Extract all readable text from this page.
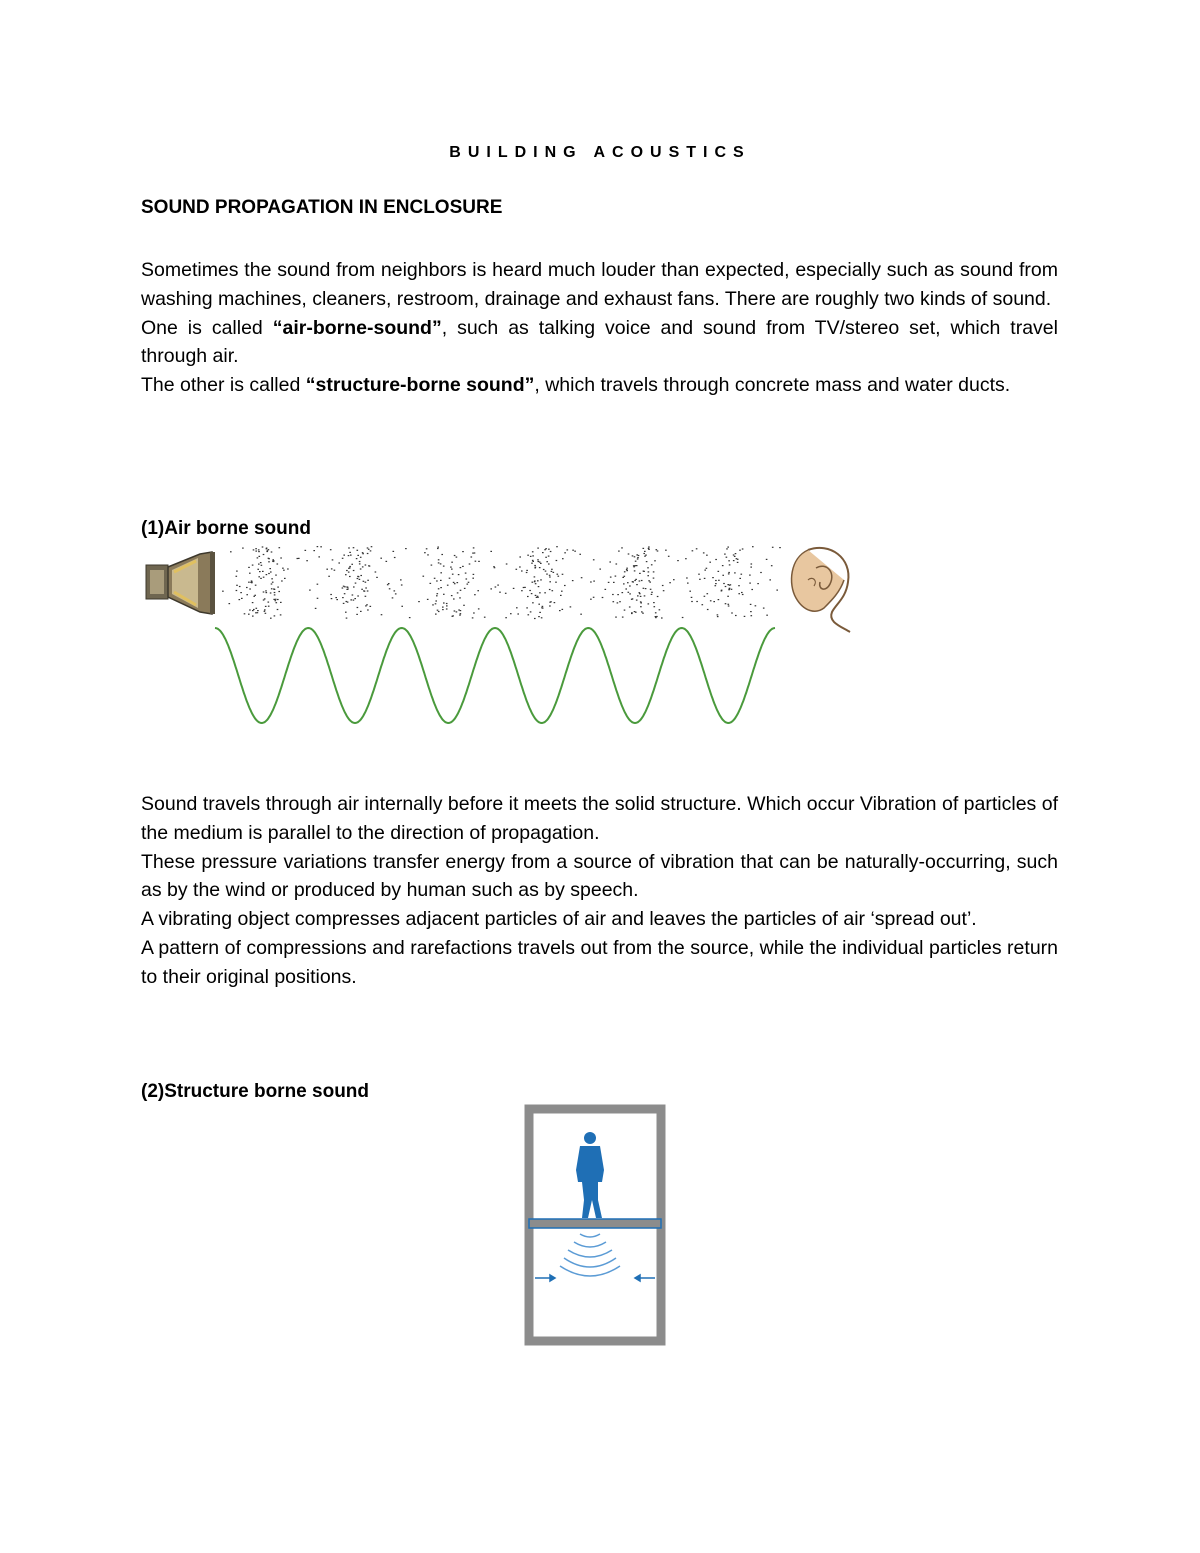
BUILDING ACOUSTICS
SOUND PROPAGATION IN ENCLOSURE

Sometimes the sound from neighbors is heard much louder than expected, especially such as sound from washing machines, cleaners, restroom, drainage and exhaust fans. There are roughly two kinds of sound.

One is called “air-borne-sound”, such as talking voice and sound from TV/stereo set, which travel through air.

The other is called “structure-borne sound”, which travels through concrete mass and water ducts.

(1)Air borne sound

Sound travels through air internally before it meets the solid structure. Which occur Vibration of particles of the medium is parallel to the direction of propagation.

These pressure variations transfer energy from a source of vibration that can be naturally-occurring, such as by the wind or produced by human such as by speech.

A vibrating object compresses adjacent particles of air and leaves the particles of air ‘spread out’.

A pattern of compressions and rarefactions travels out from the source, while the individual particles return to their original positions.

(2)Structure borne sound
